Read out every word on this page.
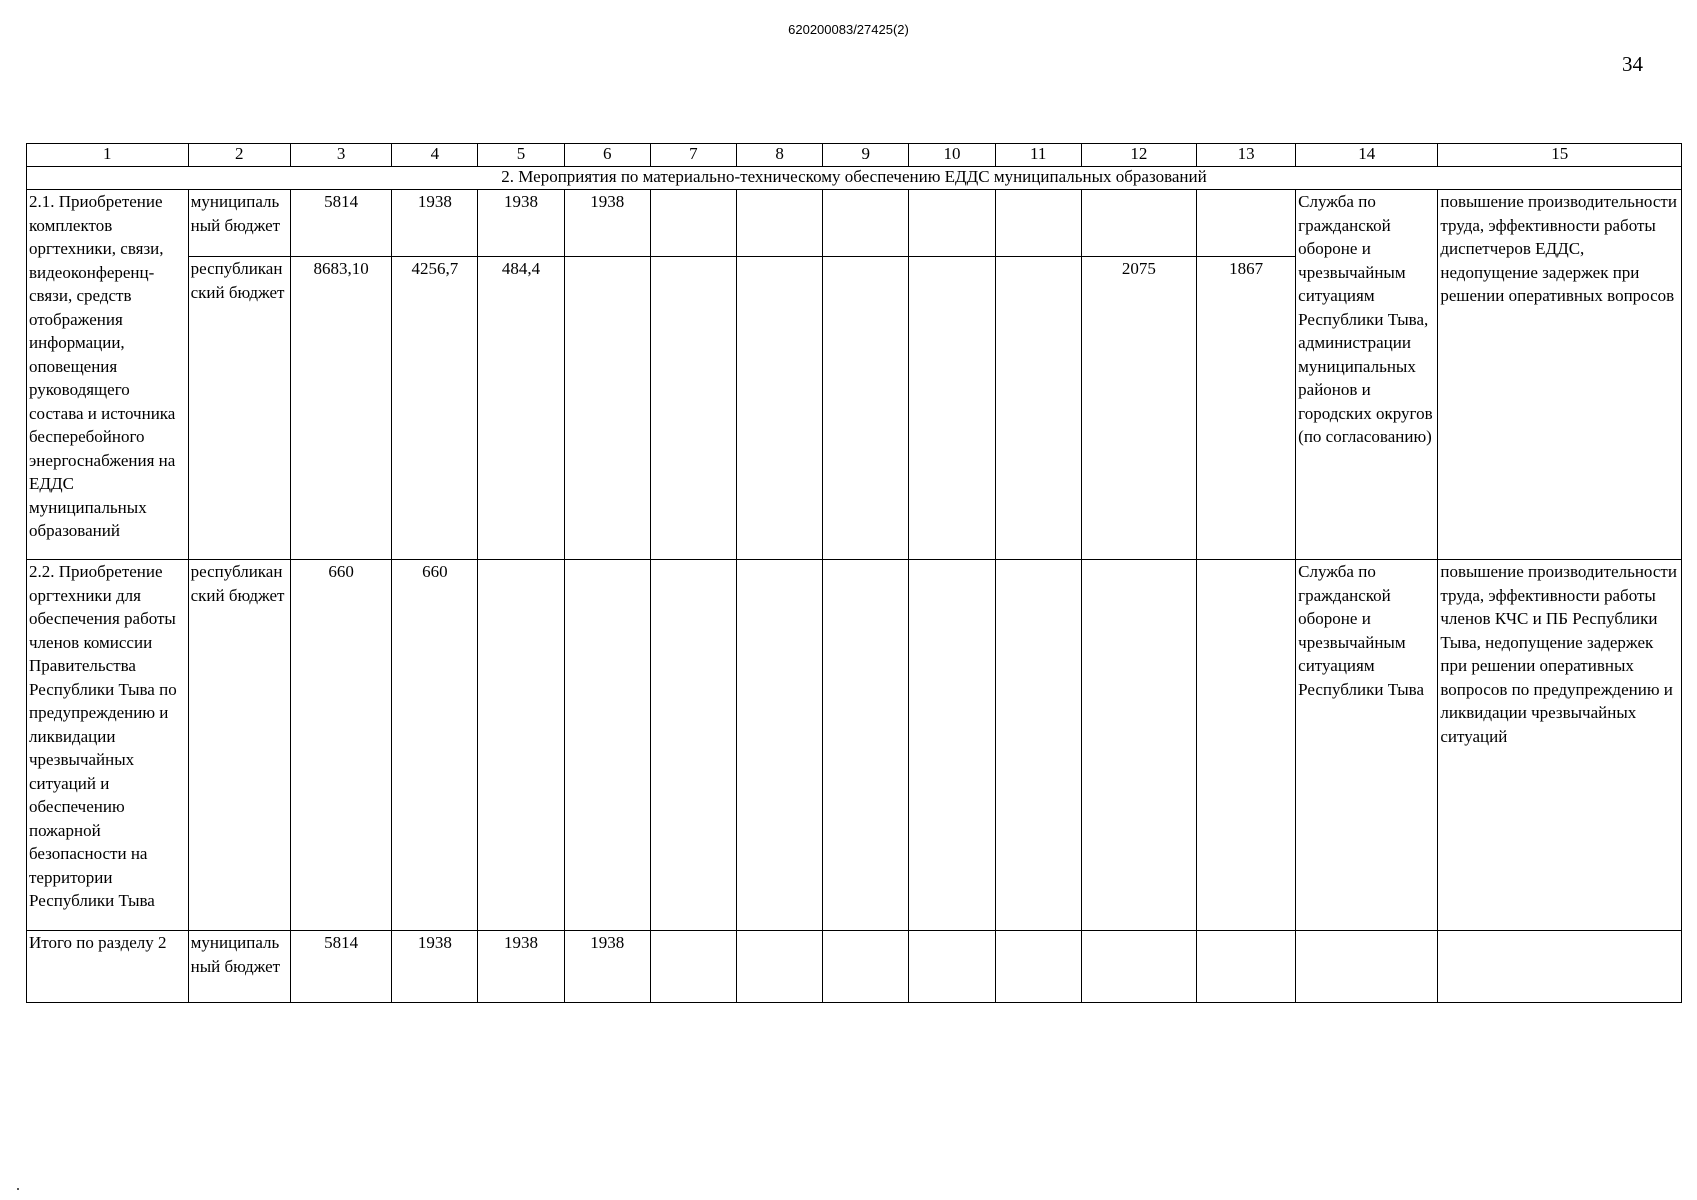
620200083/27425(2)
34
1	2	3	4	5	6	7	8	9	10	11	12	13	14	15
2. Мероприятия по материально-техническому обеспечению ЕДДС муниципальных образований														
2.1. Приобретение комплектов оргтехники, связи, видеоконференц-связи, средств отображения информации, оповещения руководящего состава и источника бесперебойного энергоснабжения на ЕДДС муниципальных образований	муниципальный бюджет	5814	1938	1938	1938								Служба по гражданской обороне и чрезвычайным ситуациям Республики Тыва, администрации муниципальных районов и городских округов (по согласованию)	повышение производительности труда, эффективности работы диспетчеров ЕДДС, недопущение задержек при решении оперативных вопросов
	республиканский бюджет	8683,10	4256,7	484,4							2075	1867		
2.2. Приобретение оргтехники для обеспечения работы членов комиссии Правительства Республики Тыва по предупреждению и ликвидации чрезвычайных ситуаций и обеспечению пожарной безопасности на территории Республики Тыва	республиканский бюджет	660	660										Служба по гражданской обороне и чрезвычайным ситуациям Республики Тыва	повышение производительности труда, эффективности работы членов КЧС и ПБ Республики Тыва, недопущение задержек при решении оперативных вопросов по предупреждению и ликвидации чрезвычайных ситуаций
Итого по разделу 2	муниципальный бюджет	5814	1938	1938	1938									
